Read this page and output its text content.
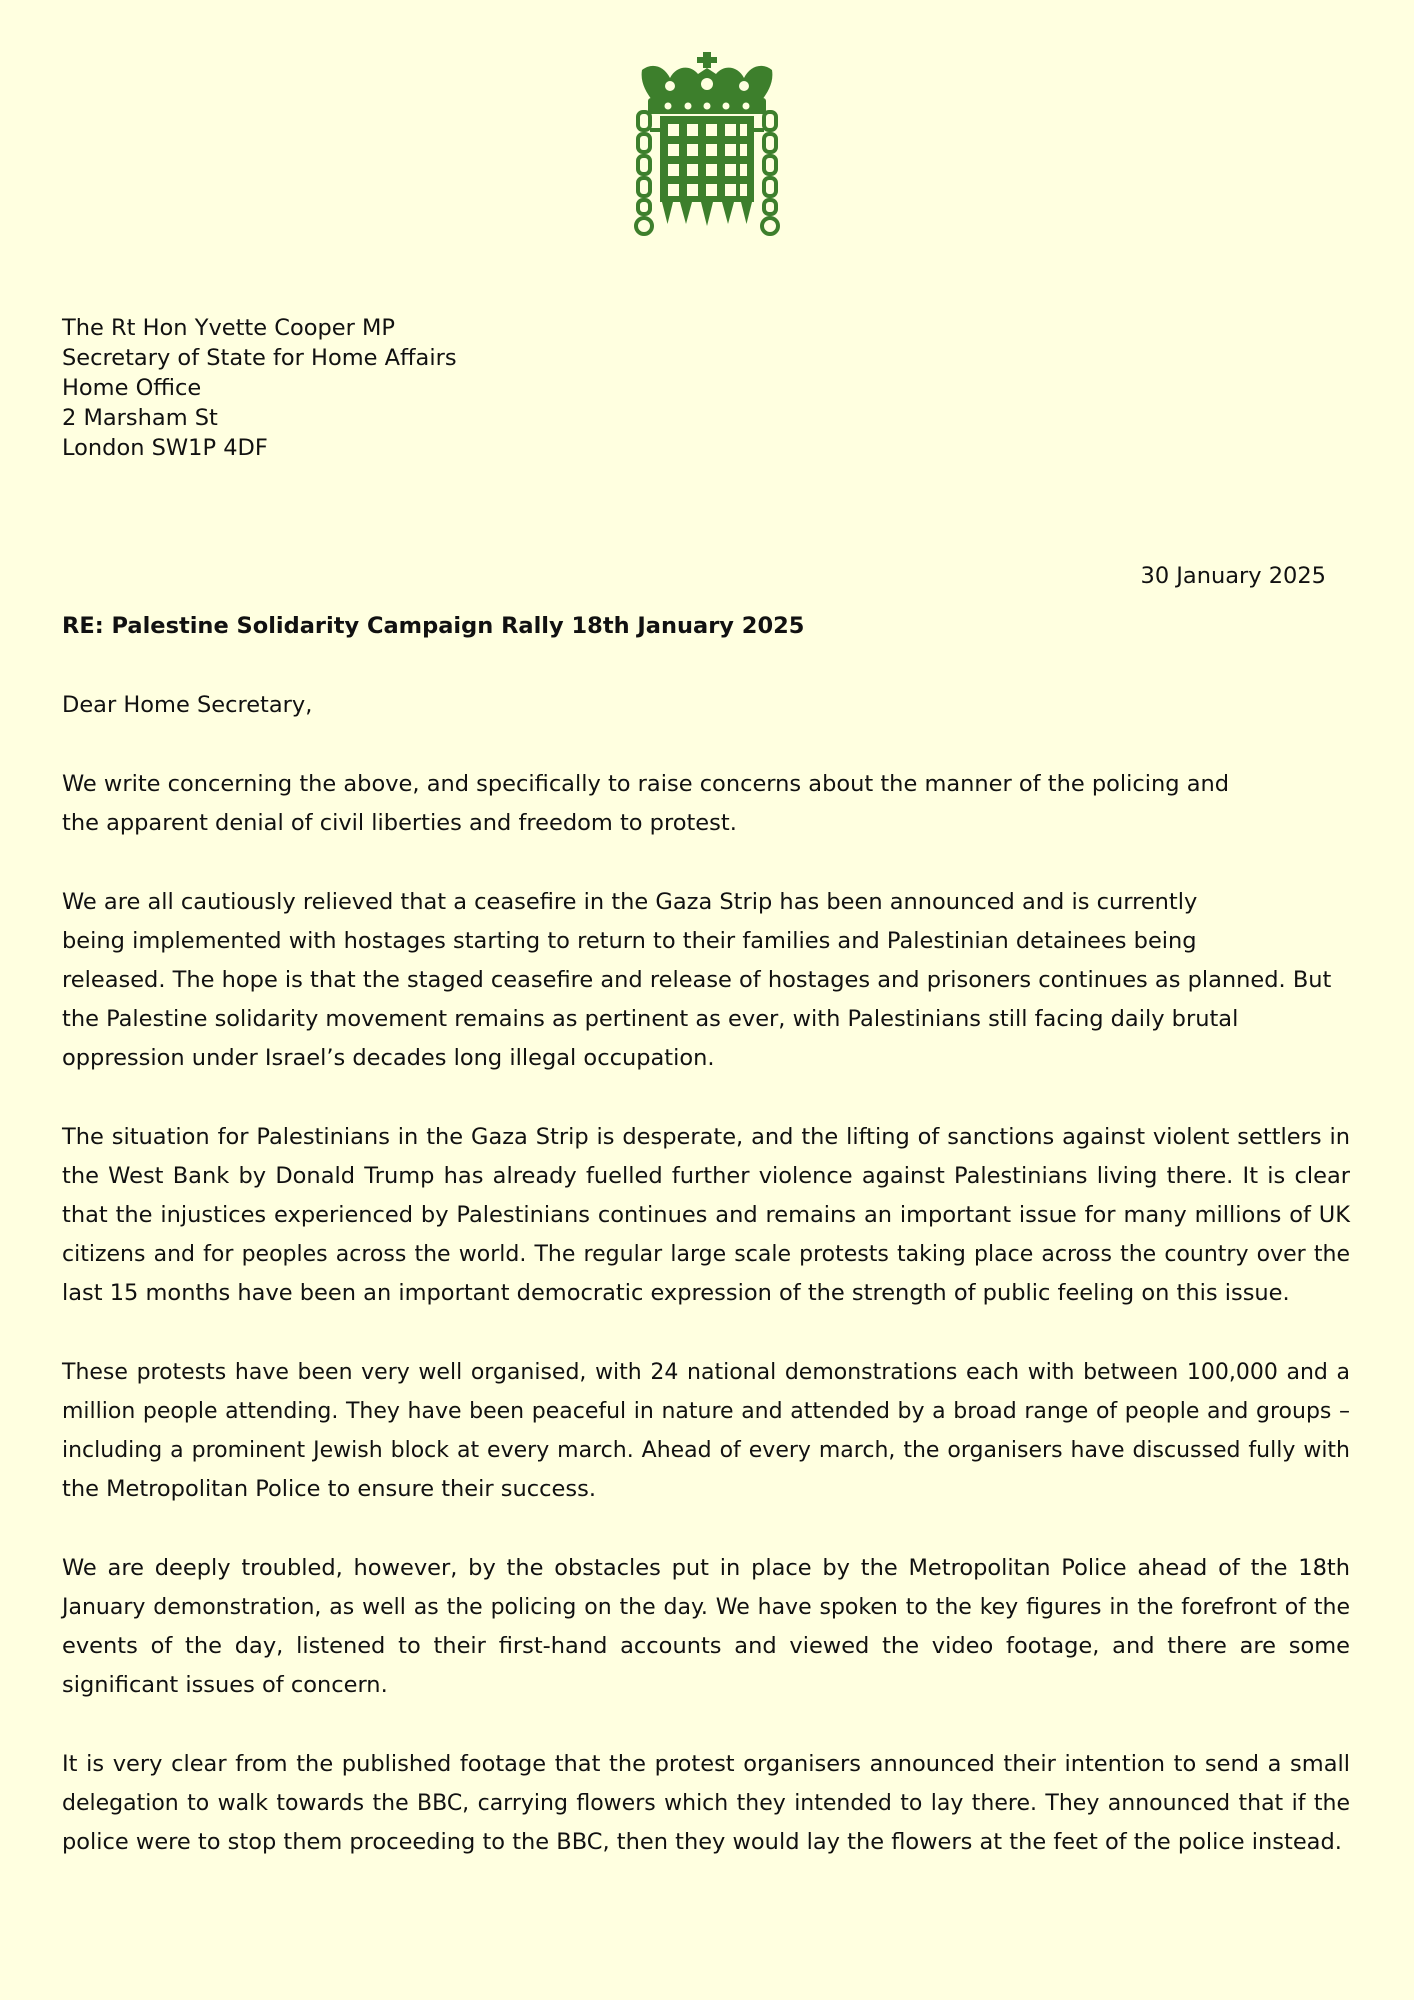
The Rt Hon Yvette Cooper MP
Secretary of State for Home Affairs
Home Office
2 Marsham St
London SW1P 4DF
30 January 2025
RE: Palestine Solidarity Campaign Rally 18th January 2025

Dear Home Secretary,

We write concerning the above, and specifically to raise concerns about the manner of the policing and
the apparent denial of civil liberties and freedom to protest.

We are all cautiously relieved that a ceasefire in the Gaza Strip has been announced and is currently
being implemented with hostages starting to return to their families and Palestinian detainees being
released. The hope is that the staged ceasefire and release of hostages and prisoners continues as planned. But
the Palestine solidarity movement remains as pertinent as ever, with Palestinians still facing daily brutal
oppression under Israel’s decades long illegal occupation.

The situation for Palestinians in the Gaza Strip is desperate, and the lifting of sanctions against violent settlers in
the West Bank by Donald Trump has already fuelled further violence against Palestinians living there. It is clear
that the injustices experienced by Palestinians continues and remains an important issue for many millions of UK
citizens and for peoples across the world. The regular large scale protests taking place across the country over the
last 15 months have been an important democratic expression of the strength of public feeling on this issue.

These protests have been very well organised, with 24 national demonstrations each with between 100,000 and a
million people attending. They have been peaceful in nature and attended by a broad range of people and groups –
including a prominent Jewish block at every march. Ahead of every march, the organisers have discussed fully with
the Metropolitan Police to ensure their success.

We are deeply troubled, however, by the obstacles put in place by the Metropolitan Police ahead of the 18th
January demonstration, as well as the policing on the day. We have spoken to the key figures in the forefront of the
events of the day, listened to their first-hand accounts and viewed the video footage, and there are some
significant issues of concern.

It is very clear from the published footage that the protest organisers announced their intention to send a small
delegation to walk towards the BBC, carrying flowers which they intended to lay there. They announced that if the
police were to stop them proceeding to the BBC, then they would lay the flowers at the feet of the police instead.
